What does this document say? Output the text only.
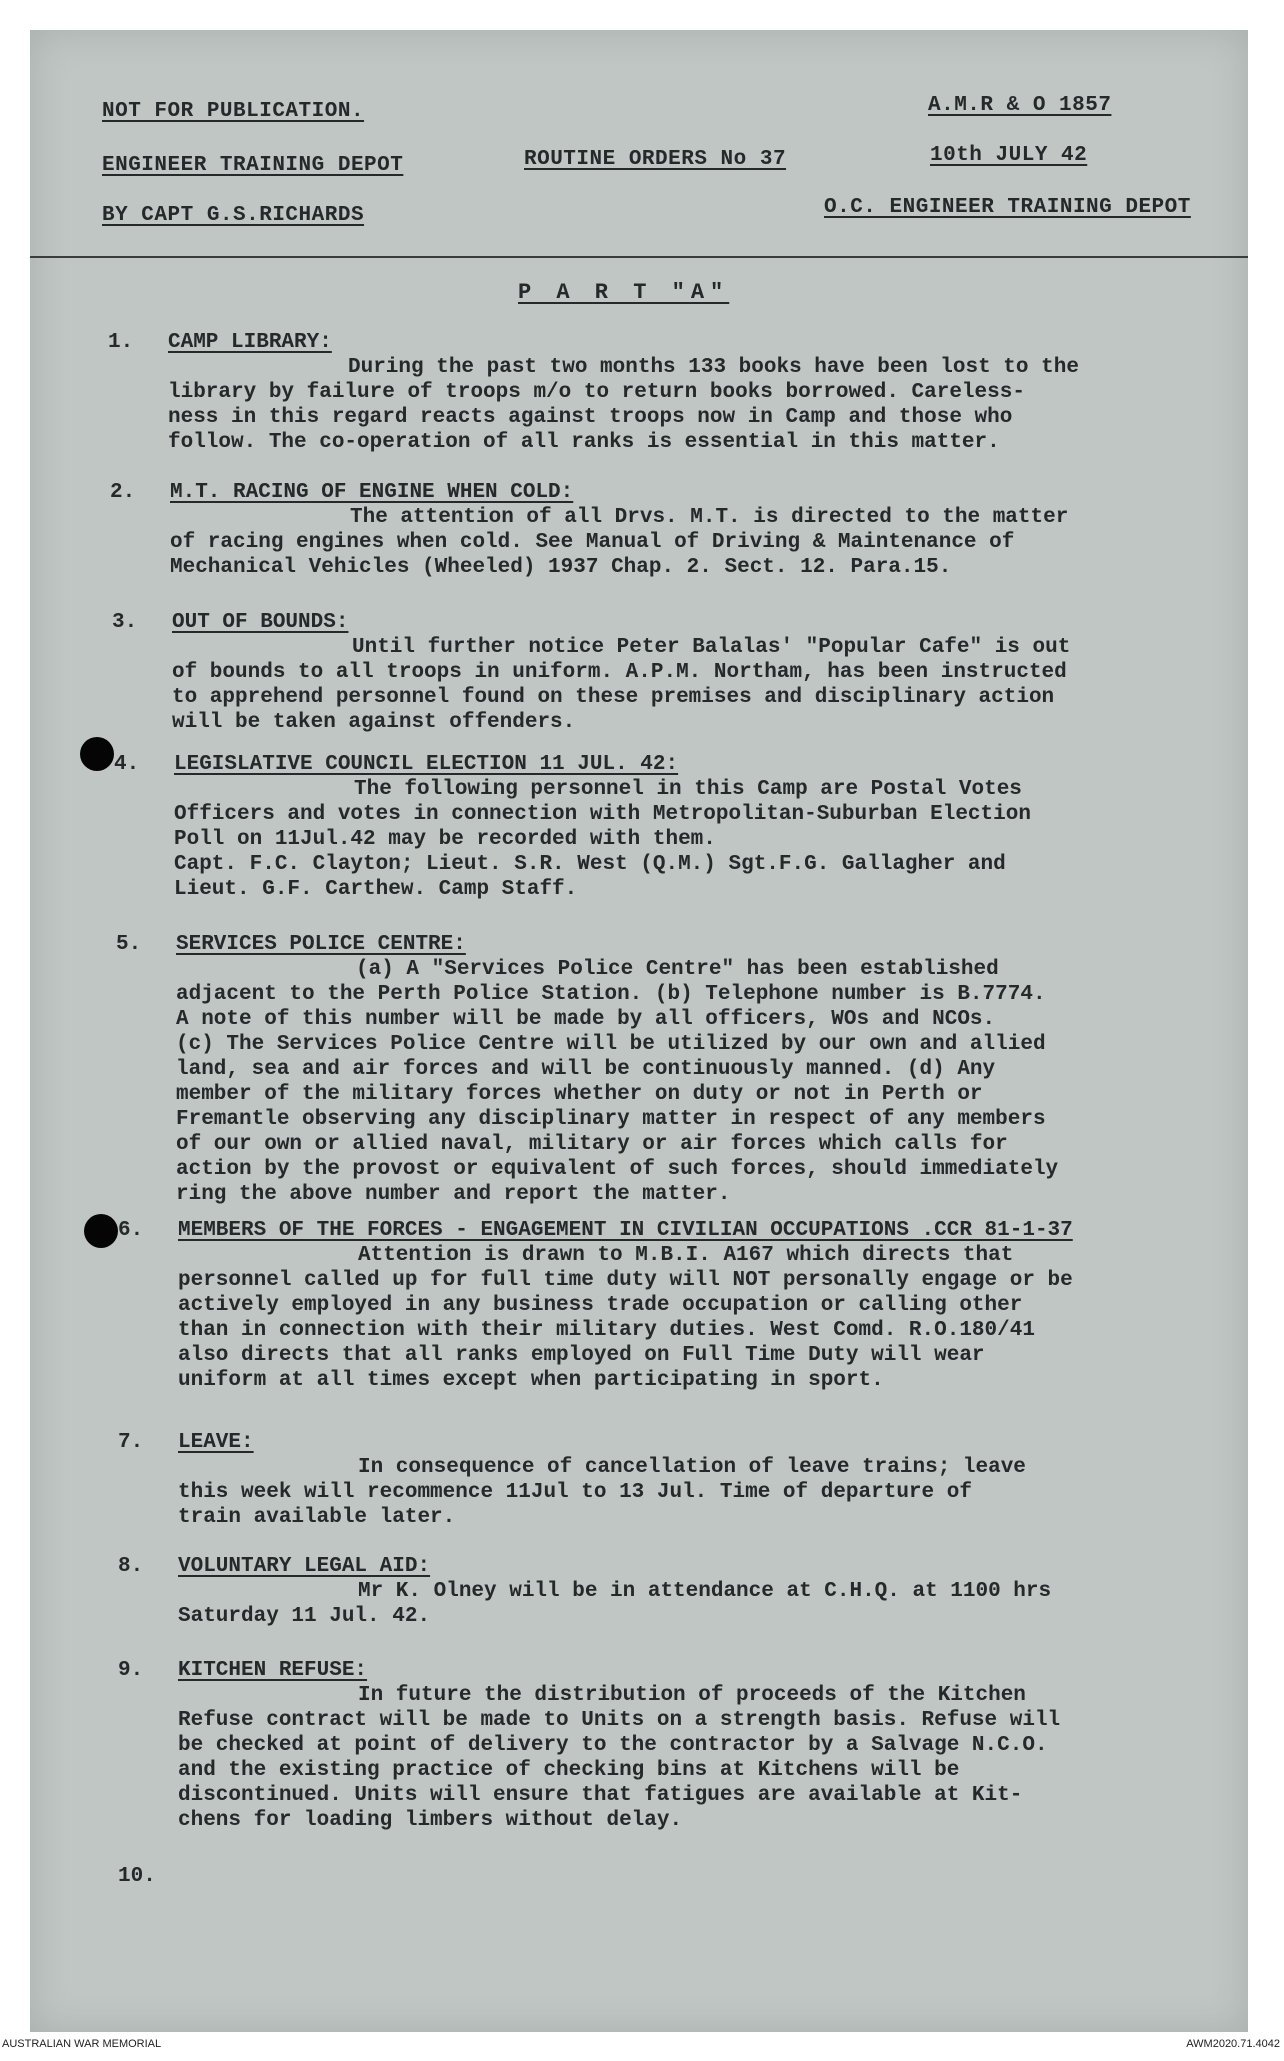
NOT FOR PUBLICATION.	A.M.R & O 1857
ENGINEER TRAINING DEPOT	ROUTINE ORDERS No 37	10th JULY 42
BY CAPT G.S.RICHARDS	O.C. ENGINEER TRAINING DEPOT
P A R T "A"
1. CAMP LIBRARY:
During the past two months 133 books have been lost to the
library by failure of troops m/o to return books borrowed. Careless-
ness in this regard reacts against troops now in Camp and those who
follow. The co-operation of all ranks is essential in this matter.
2. M.T. RACING OF ENGINE WHEN COLD:
The attention of all Drvs. M.T. is directed to the matter
of racing engines when cold. See Manual of Driving & Maintenance of
Mechanical Vehicles (Wheeled) 1937 Chap. 2. Sect. 12. Para.15.
3. OUT OF BOUNDS:
Until further notice Peter Balalas' "Popular Cafe" is out
of bounds to all troops in uniform. A.P.M. Northam, has been instructed
to apprehend personnel found on these premises and disciplinary action
will be taken against offenders.
4. LEGISLATIVE COUNCIL ELECTION 11 JUL. 42:
The following personnel in this Camp are Postal Votes
Officers and votes in connection with Metropolitan-Suburban Election
Poll on 11Jul.42 may be recorded with them.
Capt. F.C. Clayton; Lieut. S.R. West (Q.M.) Sgt.F.G. Gallagher and
Lieut. G.F. Carthew. Camp Staff.
5. SERVICES POLICE CENTRE:
(a) A "Services Police Centre" has been established
adjacent to the Perth Police Station. (b) Telephone number is B.7774.
A note of this number will be made by all officers, WOs and NCOs.
(c) The Services Police Centre will be utilized by our own and allied
land, sea and air forces and will be continuously manned. (d) Any
member of the military forces whether on duty or not in Perth or
Fremantle observing any disciplinary matter in respect of any members
of our own or allied naval, military or air forces which calls for
action by the provost or equivalent of such forces, should immediately
ring the above number and report the matter.
6. MEMBERS OF THE FORCES - ENGAGEMENT IN CIVILIAN OCCUPATIONS .CCR 81-1-37
Attention is drawn to M.B.I. A167 which directs that
personnel called up for full time duty will NOT personally engage or be
actively employed in any business trade occupation or calling other
than in connection with their military duties. West Comd. R.O.180/41
also directs that all ranks employed on Full Time Duty will wear
uniform at all times except when participating in sport.
7. LEAVE:
In consequence of cancellation of leave trains; leave
this week will recommence 11Jul to 13 Jul. Time of departure of
train available later.
8. VOLUNTARY LEGAL AID:
Mr K. Olney will be in attendance at C.H.Q. at 1100 hrs
Saturday 11 Jul. 42.
9. KITCHEN REFUSE:
In future the distribution of proceeds of the Kitchen
Refuse contract will be made to Units on a strength basis. Refuse will
be checked at point of delivery to the contractor by a Salvage N.C.O.
and the existing practice of checking bins at Kitchens will be
discontinued. Units will ensure that fatigues are available at Kit-
chens for loading limbers without delay.
10.
AUSTRALIAN WAR MEMORIAL	AWM2020.71.4042
